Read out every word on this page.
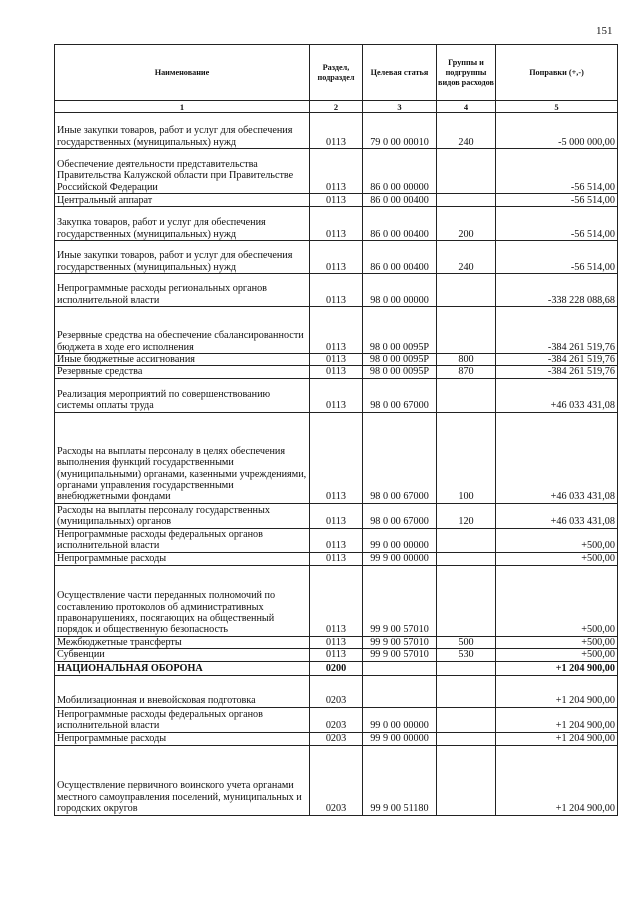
151
Наименование	Раздел, подраздел	Целевая статья	Группы и подгруппы видов расходов	Поправки (+,-)
1	2	3	4	5
Иные закупки товаров, работ и услуг для обеспечения государственных (муниципальных) нужд	0113	79 0 00 00010	240	-5 000 000,00
Обеспечение деятельности представительства Правительства Калужской области при Правительстве Российской Федерации	0113	86 0 00 00000		-56 514,00
Центральный аппарат	0113	86 0 00 00400		-56 514,00
Закупка товаров, работ и услуг для обеспечения государственных (муниципальных) нужд	0113	86 0 00 00400	200	-56 514,00
Иные закупки товаров, работ и услуг для обеспечения государственных (муниципальных) нужд	0113	86 0 00 00400	240	-56 514,00
Непрограммные расходы региональных органов исполнительной власти	0113	98 0 00 00000		-338 228 088,68
Резервные средства на обеспечение сбалансированности бюджета в ходе его исполнения	0113	98 0 00 0095P		-384 261 519,76
Иные бюджетные ассигнования	0113	98 0 00 0095P	800	-384 261 519,76
Резервные средства	0113	98 0 00 0095P	870	-384 261 519,76
Реализация мероприятий по совершенствованию системы оплаты труда	0113	98 0 00 67000		+46 033 431,08
Расходы на выплаты персоналу в целях обеспечения выполнения функций государственными (муниципальными) органами, казенными учреждениями, органами управления государственными внебюджетными фондами	0113	98 0 00 67000	100	+46 033 431,08
Расходы на выплаты персоналу государственных (муниципальных) органов	0113	98 0 00 67000	120	+46 033 431,08
Непрограммные расходы федеральных органов исполнительной власти	0113	99 0 00 00000		+500,00
Непрограммные расходы	0113	99 9 00 00000		+500,00
Осуществление части переданных полномочий по составлению протоколов об административных правонарушениях, посягающих на общественный порядок и общественную безопасность	0113	99 9 00 57010		+500,00
Межбюджетные трансферты	0113	99 9 00 57010	500	+500,00
Субвенции	0113	99 9 00 57010	530	+500,00
НАЦИОНАЛЬНАЯ ОБОРОНА	0200			+1 204 900,00
Мобилизационная и вневойсковая подготовка	0203			+1 204 900,00
Непрограммные расходы федеральных органов исполнительной власти	0203	99 0 00 00000		+1 204 900,00
Непрограммные расходы	0203	99 9 00 00000		+1 204 900,00
Осуществление первичного воинского учета органами местного самоуправления поселений, муниципальных и городских округов	0203	99 9 00 51180		+1 204 900,00
